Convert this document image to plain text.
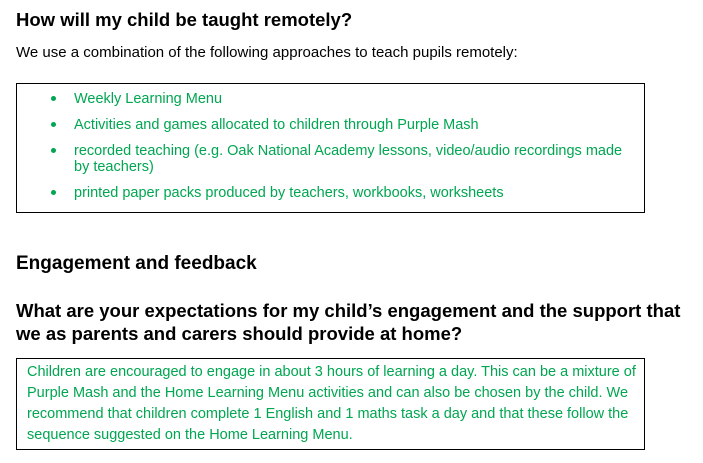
How will my child be taught remotely?

We use a combination of the following approaches to teach pupils remotely:

Weekly Learning Menu
Activities and games allocated to children through Purple Mash
recorded teaching (e.g. Oak National Academy lessons, video/audio recordings made by teachers)
printed paper packs produced by teachers, workbooks, worksheets
Engagement and feedback
What are your expectations for my child’s engagement and the support that we as parents and carers should provide at home?

Children are encouraged to engage in about 3 hours of learning a day. This can be a mixture of Purple Mash and the Home Learning Menu activities and can also be chosen by the child. We recommend that children complete 1 English and 1 maths task a day and that these follow the sequence suggested on the Home Learning Menu.
